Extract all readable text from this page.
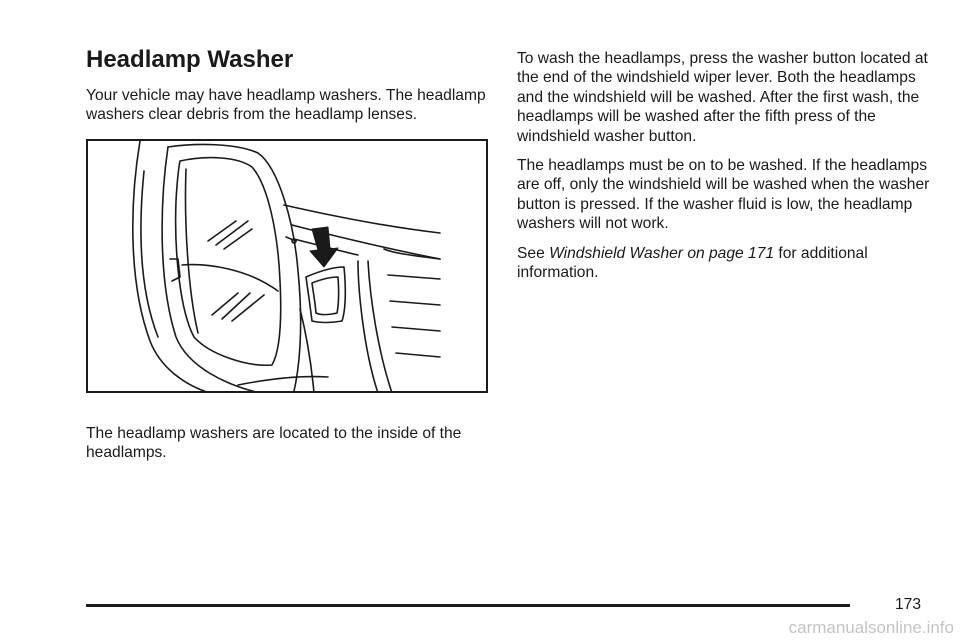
Headlamp Washer

Your vehicle may have headlamp washers. The headlamp washers clear debris from the headlamp lenses.

The headlamp washers are located to the inside of the headlamps.

To wash the headlamps, press the washer button located at the end of the windshield wiper lever. Both the headlamps and the windshield will be washed. After the first wash, the headlamps will be washed after the fifth press of the windshield washer button.

The headlamps must be on to be washed. If the headlamps are off, only the windshield will be washed when the washer button is pressed. If the washer fluid is low, the headlamp washers will not work.

See Windshield Washer on page 171 for additional information.

173
carmanualsonline.info
